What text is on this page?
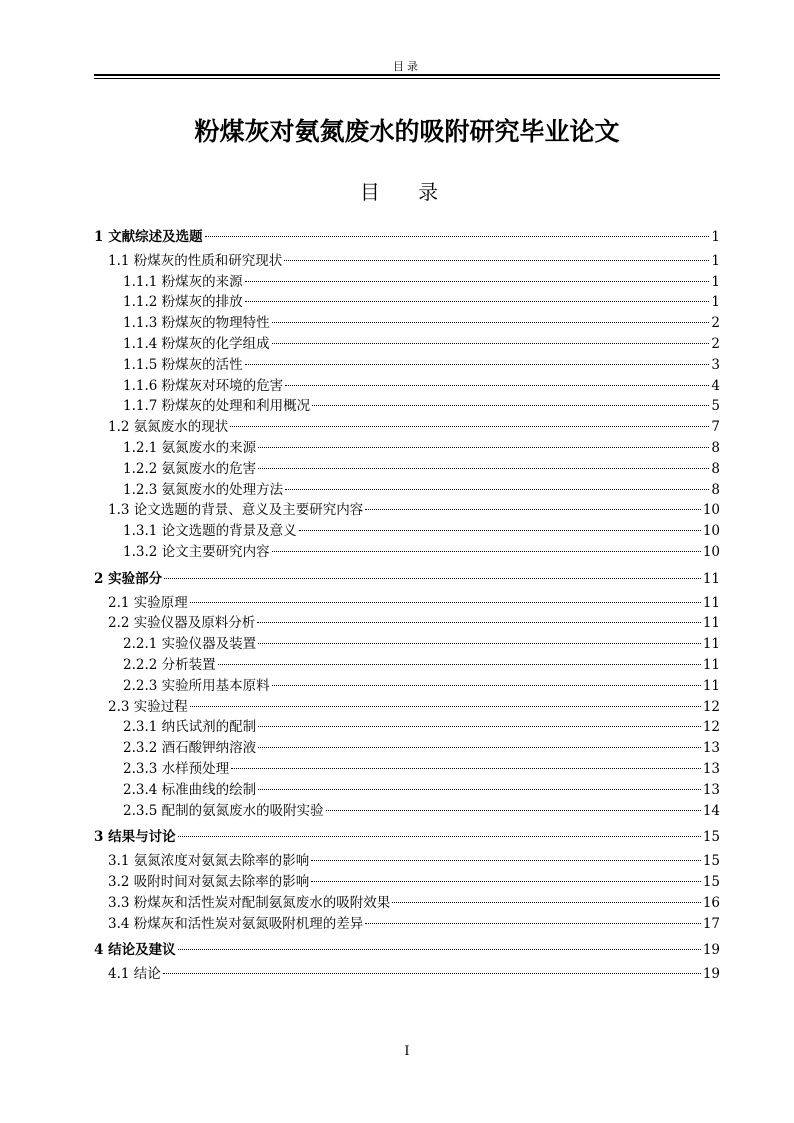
目录
粉煤灰对氨氮废水的吸附研究毕业论文
目 录
1 文献综述及选题	1
1.1 粉煤灰的性质和研究现状	1
1.1.1 粉煤灰的来源	1
1.1.2 粉煤灰的排放	1
1.1.3 粉煤灰的物理特性	2
1.1.4 粉煤灰的化学组成	2
1.1.5 粉煤灰的活性	3
1.1.6 粉煤灰对环境的危害	4
1.1.7 粉煤灰的处理和利用概况	5
1.2 氨氮废水的现状	7
1.2.1 氨氮废水的来源	8
1.2.2 氨氮废水的危害	8
1.2.3 氨氮废水的处理方法	8
1.3 论文选题的背景、意义及主要研究内容	10
1.3.1 论文选题的背景及意义	10
1.3.2 论文主要研究内容	10
2 实验部分	11
2.1 实验原理	11
2.2 实验仪器及原料分析	11
2.2.1 实验仪器及装置	11
2.2.2 分析装置	11
2.2.3 实验所用基本原料	11
2.3 实验过程	12
2.3.1 纳氏试剂的配制	12
2.3.2 酒石酸钾纳溶液	13
2.3.3 水样预处理	13
2.3.4 标准曲线的绘制	13
2.3.5 配制的氨氮废水的吸附实验	14
3 结果与讨论	15
3.1 氨氮浓度对氨氮去除率的影响	15
3.2 吸附时间对氨氮去除率的影响	15
3.3 粉煤灰和活性炭对配制氨氮废水的吸附效果	16
3.4 粉煤灰和活性炭对氨氮吸附机理的差异	17
4 结论及建议	19
4.1 结论	19
I
